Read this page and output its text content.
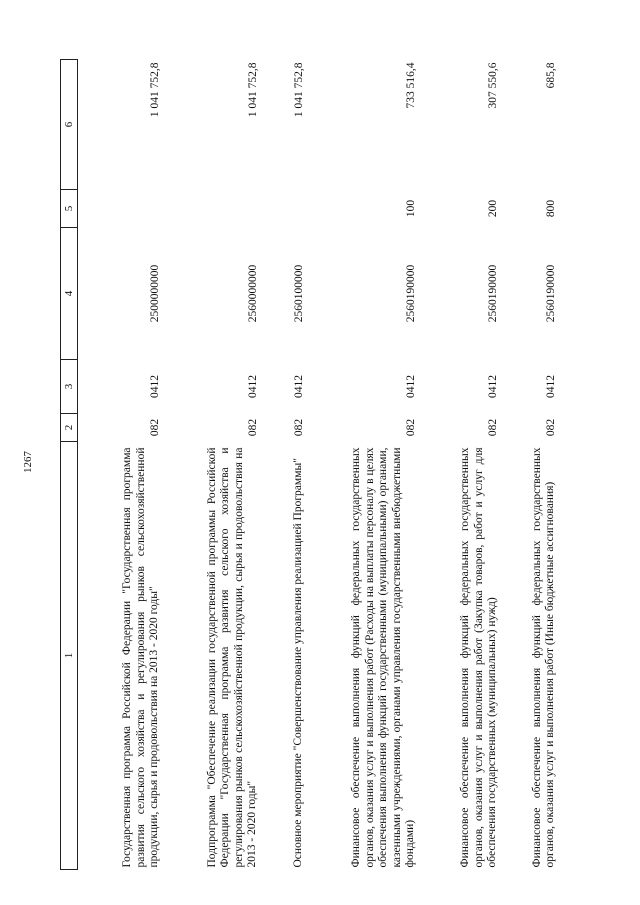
1267
1	2	3	4	5	6
Государственная программа Российской Федерации "Государственная программа развития сельского хозяйства и регулирования рынков сельскохозяйственной продукции, сырья и продовольствия на 2013 - 2020 годы"	082	0412	2500000000		1 041 752,8
Подпрограмма "Обеспечение реализации государственной программы Российской Федерации "Государственная программа развития сельского хозяйства и регулирования рынков сельскохозяйственной продукции, сырья и продовольствия на 2013 - 2020 годы"	082	0412	2560000000		1 041 752,8
Основное мероприятие "Совершенствование управления реализацией Программы"	082	0412	2560100000		1 041 752,8
Финансовое обеспечение выполнения функций федеральных государственных органов, оказания услуг и выполнения работ (Расходы на выплаты персоналу в целях обеспечения выполнения функций государственными (муниципальными) органами, казенными учреждениями, органами управления государственными внебюджетными фондами)	082	0412	2560190000	100	733 516,4
Финансовое обеспечение выполнения функций федеральных государственных органов, оказания услуг и выполнения работ (Закупка товаров, работ и услуг для обеспечения государственных (муниципальных) нужд)	082	0412	2560190000	200	307 550,6
Финансовое обеспечение выполнения функций федеральных государственных органов, оказания услуг и выполнения работ (Иные бюджетные ассигнования)	082	0412	2560190000	800	685,8
